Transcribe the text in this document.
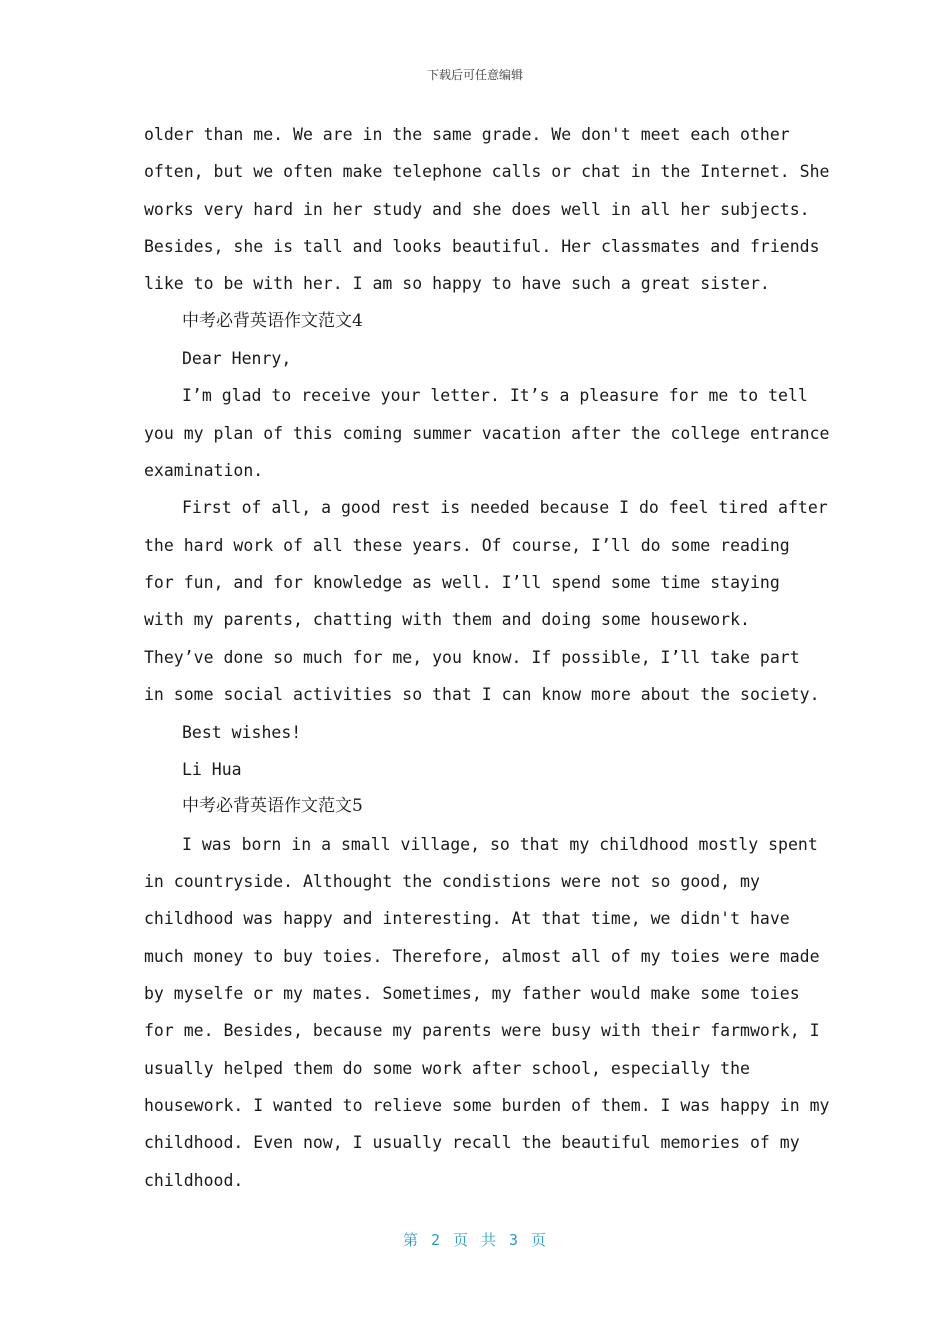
下载后可任意编辑
older than me. We are in the same grade. We don't meet each other
often, but we often make telephone calls or chat in the Internet. She
works very hard in her study and she does well in all her subjects.
Besides, she is tall and looks beautiful. Her classmates and friends
like to be with her. I am so happy to have such a great sister.
中考必背英语作文范文4
Dear Henry,
I’m glad to receive your letter. It’s a pleasure for me to tell
you my plan of this coming summer vacation after the college entrance
examination.
First of all, a good rest is needed because I do feel tired after
the hard work of all these years. Of course, I’ll do some reading
for fun, and for knowledge as well. I’ll spend some time staying
with my parents, chatting with them and doing some housework.
They’ve done so much for me, you know. If possible, I’ll take part
in some social activities so that I can know more about the society.
Best wishes!
Li Hua
中考必背英语作文范文5
I was born in a small village, so that my childhood mostly spent
in countryside. Althought the condistions were not so good, my
childhood was happy and interesting. At that time, we didn't have
much money to buy toies. Therefore, almost all of my toies were made
by myselfe or my mates. Sometimes, my father would make some toies
for me. Besides, because my parents were busy with their farmwork, I
usually helped them do some work after school, especially the
housework. I wanted to relieve some burden of them. I was happy in my
childhood. Even now, I usually recall the beautiful memories of my
childhood.
第 2 页 共 3 页
